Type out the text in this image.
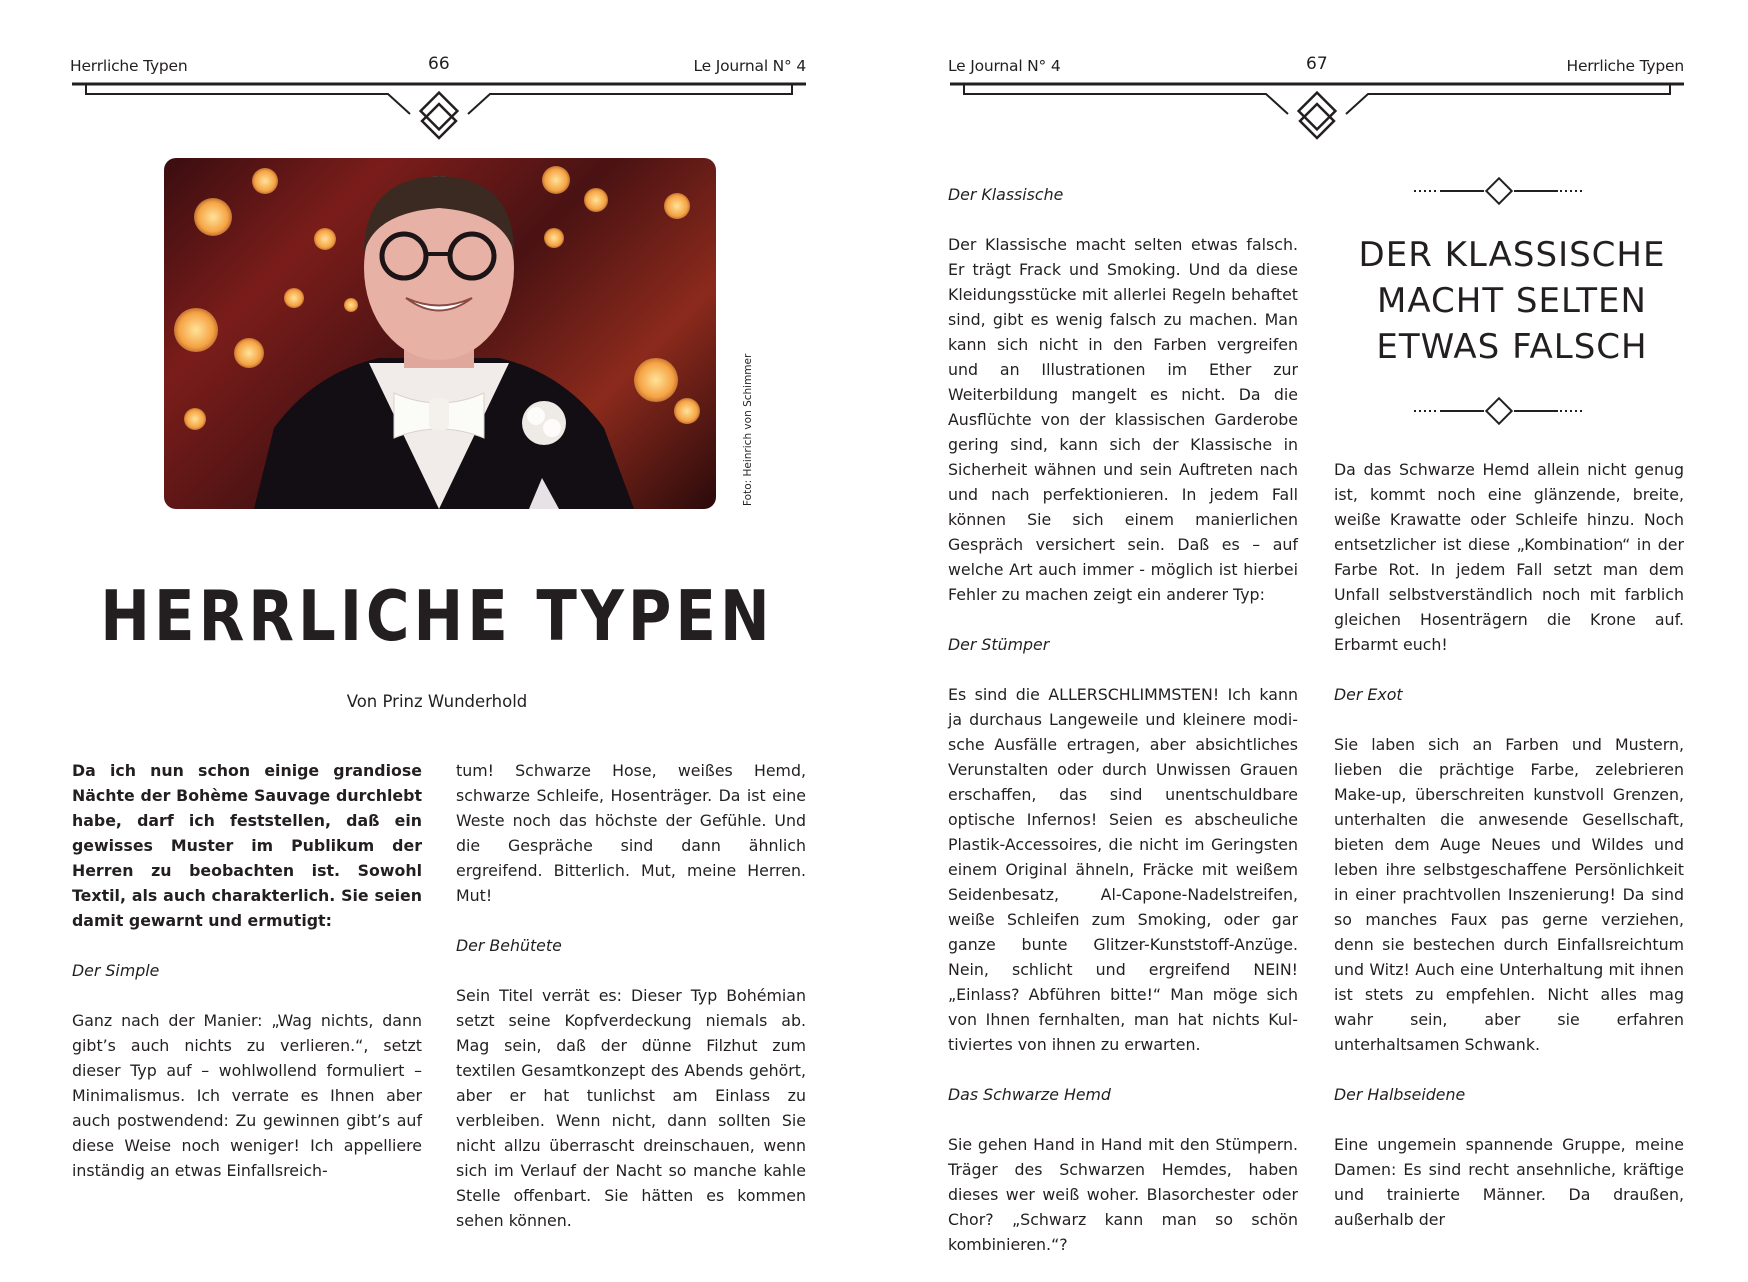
Herrliche Typen	66	Le Journal N° 4
Foto: Heinrich von Schimmer
HERRLICHE TYPEN
Von Prinz Wunderhold

Da ich nun schon einige grandiose Nächte der Bohème Sauvage durchlebt habe, darf ich feststellen, daß ein gewisses Muster im Publikum der Herren zu beobachten ist. Sowohl Textil, als auch charakterlich. Sie seien damit gewarnt und ermutigt:

Der Simple

Ganz nach der Manier: „Wag nichts, dann gibt’s auch nichts zu verlieren.“, setzt dieser Typ auf – wohlwollend formuliert – Minimalismus. Ich verrate es Ihnen aber auch postwendend: Zu gewinnen gibt’s auf diese Weise noch weniger! Ich appelliere inständig an etwas Einfallsreich-

tum! Schwarze Hose, weißes Hemd, schwarze Schleife, Hosenträger. Da ist eine Weste noch das höchste der Gefühle. Und die Gespräche sind dann ähnlich ergreifend. Bitterlich. Mut, meine Herren. Mut!

Der Behütete

Sein Titel verrät es: Dieser Typ Bohémian setzt seine Kopfverdeckung niemals ab. Mag sein, daß der dünne Filzhut zum textilen Gesamtkonzept des Abends gehört, aber er hat tunlichst am Einlass zu verbleiben. Wenn nicht, dann sollten Sie nicht allzu überrascht dreinschauen, wenn sich im Verlauf der Nacht so manche kahle Stelle offenbart. Sie hätten es kommen sehen können.

Le Journal N° 4	67	Herrliche Typen

Der Klassische

Der Klassische macht selten etwas falsch. Er trägt Frack und Smoking. Und da diese Kleidungsstücke mit allerlei Regeln behaftet sind, gibt es wenig falsch zu machen. Man kann sich nicht in den Farben vergreifen und an Illustrationen im Ether zur Weiterbildung mangelt es nicht. Da die Ausflüchte von der klassischen Garderobe gering sind, kann sich der Klassische in Sicherheit wähnen und sein Auftreten nach und nach perfektionieren. In jedem Fall können Sie sich einem manierlichen Gespräch versichert sein. Daß es – auf welche Art auch immer - möglich ist hierbei Fehler zu machen zeigt ein anderer Typ:

Der Stümper

Es sind die ALLERSCHLIMMSTEN! Ich kann ja durchaus Langeweile und kleinere modische Ausfälle ertragen, aber absichtliches Verunstalten oder durch Unwissen Grauen erschaffen, das sind unentschuldbare optische Infernos! Seien es abscheuliche Plastik-Accessoires, die nicht im Geringsten einem Original ähneln, Fräcke mit weißem Seidenbesatz, Al-Capone-Nadelstreifen, weiße Schleifen zum Smoking, oder gar ganze bunte Glitzer-Kunststoff-Anzüge. Nein, schlicht und ergreifend NEIN! „Einlass? Abführen bitte!“ Man möge sich von Ihnen fernhalten, man hat nichts Kultiviertes von ihnen zu erwarten.

Das Schwarze Hemd

Sie gehen Hand in Hand mit den Stümpern. Träger des Schwarzen Hemdes, haben dieses wer weiß woher. Blasorchester oder Chor? „Schwarz kann man so schön kombinieren.“?

DER KLASSISCHE MACHT SELTEN ETWAS FALSCH

Da das Schwarze Hemd allein nicht genug ist, kommt noch eine glänzende, breite, weiße Krawatte oder Schleife hinzu. Noch entsetzlicher ist diese „Kombination“ in der Farbe Rot. In jedem Fall setzt man dem Unfall selbstverständlich noch mit farblich gleichen Hosenträgern die Krone auf. Erbarmt euch!

Der Exot

Sie laben sich an Farben und Mustern, lieben die prächtige Farbe, zelebrieren Make-up, überschreiten kunstvoll Grenzen, unterhalten die anwesende Gesellschaft, bieten dem Auge Neues und Wildes und leben ihre selbstgeschaffene Persönlichkeit in einer prachtvollen Inszenierung! Da sind so manches Faux pas gerne verziehen, denn sie bestechen durch Einfallsreichtum und Witz! Auch eine Unterhaltung mit ihnen ist stets zu empfehlen. Nicht alles mag wahr sein, aber sie erfahren unterhaltsamen Schwank.

Der Halbseidene

Eine ungemein spannende Gruppe, meine Damen: Es sind recht ansehnliche, kräftige und trainierte Männer. Da draußen, außerhalb der
